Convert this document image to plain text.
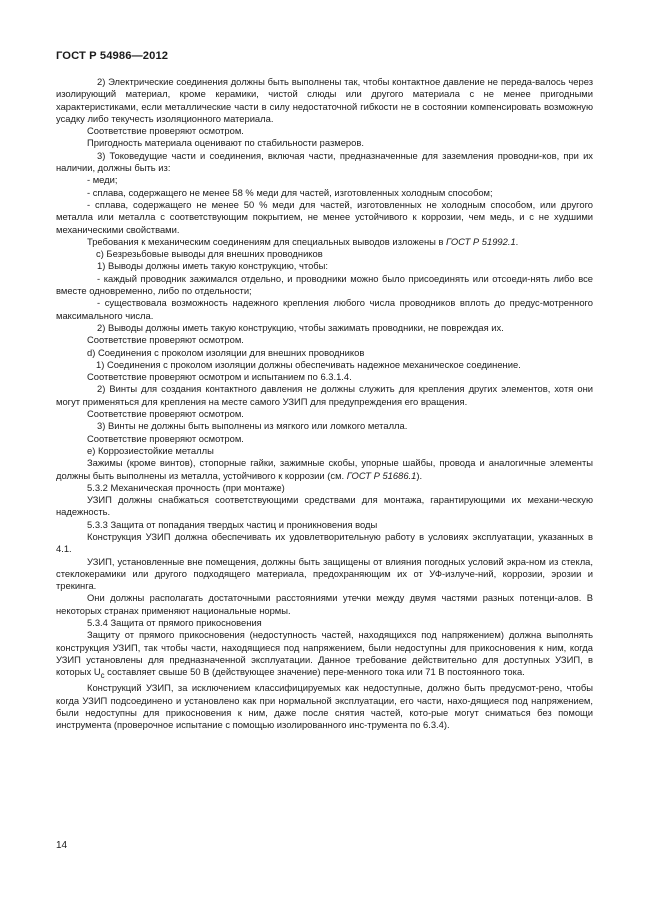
ГОСТ Р 54986—2012

2) Электрические соединения должны быть выполнены так, чтобы контактное давление не переда-валось через изолирующий материал, кроме керамики, чистой слюды или другого материала с не менее пригодными характеристиками, если металлические части в силу недостаточной гибкости не в состоянии компенсировать возможную усадку либо текучесть изоляционного материала.

Соответствие проверяют осмотром.

Пригодность материала оценивают по стабильности размеров.

3) Токоведущие части и соединения, включая части, предназначенные для заземления проводни-ков, при их наличии, должны быть из:

- меди;

- сплава, содержащего не менее 58 % меди для частей, изготовленных холодным способом;

- сплава, содержащего не менее 50 % меди для частей, изготовленных не холодным способом, или другого металла или металла с соответствующим покрытием, не менее устойчивого к коррозии, чем медь, и с не худшими механическими свойствами.

Требования к механическим соединениям для специальных выводов изложены в ГОСТ Р 51992.1.

с) Безрезьбовые выводы для внешних проводников

1) Выводы должны иметь такую конструкцию, чтобы:

- каждый проводник зажимался отдельно, и проводники можно было присоединять или отсоеди-нять либо все вместе одновременно, либо по отдельности;

- существовала возможность надежного крепления любого числа проводников вплоть до предус-мотренного максимального числа.

2) Выводы должны иметь такую конструкцию, чтобы зажимать проводники, не повреждая их.

Соответствие проверяют осмотром.

d) Соединения с проколом изоляции для внешних проводников

1) Соединения с проколом изоляции должны обеспечивать надежное механическое соединение.

Соответствие проверяют осмотром и испытанием по 6.3.1.4.

2) Винты для создания контактного давления не должны служить для крепления других элементов, хотя они могут применяться для крепления на месте самого УЗИП для предупреждения его вращения.

Соответствие проверяют осмотром.

3) Винты не должны быть выполнены из мягкого или ломкого металла.

Соответствие проверяют осмотром.

е) Коррозиестойкие металлы

Зажимы (кроме винтов), стопорные гайки, зажимные скобы, упорные шайбы, провода и аналогичные элементы должны быть выполнены из металла, устойчивого к коррозии (см. ГОСТ Р 51686.1).

5.3.2 Механическая прочность (при монтаже)

УЗИП должны снабжаться соответствующими средствами для монтажа, гарантирующими их механи-ческую надежность.

5.3.3 Защита от попадания твердых частиц и проникновения воды

Конструкция УЗИП должна обеспечивать их удовлетворительную работу в условиях эксплуатации, указанных в 4.1.

УЗИП, установленные вне помещения, должны быть защищены от влияния погодных условий экра-ном из стекла, стеклокерамики или другого подходящего материала, предохраняющим их от УФ-излуче-ний, коррозии, эрозии и трекинга.

Они должны располагать достаточными расстояниями утечки между двумя частями разных потенци-алов. В некоторых странах применяют национальные нормы.

5.3.4 Защита от прямого прикосновения

Защиту от прямого прикосновения (недоступность частей, находящихся под напряжением) должна выполнять конструкция УЗИП, так чтобы части, находящиеся под напряжением, были недоступны для прикосновения к ним, когда УЗИП установлены для предназначенной эксплуатации. Данное требование действительно для доступных УЗИП, в которых $U_c$ составляет свыше 50 В (действующее значение) пере-менного тока или 71 В постоянного тока.

Конструкций УЗИП, за исключением классифицируемых как недоступные, должно быть предусмот-рено, чтобы когда УЗИП подсоединено и установлено как при нормальной эксплуатации, его части, нахо-дящиеся под напряжением, были недоступны для прикосновения к ним, даже после снятия частей, кото-рые могут сниматься без помощи инструмента (проверочное испытание с помощью изолированного инс-трумента по 6.3.4).

14
